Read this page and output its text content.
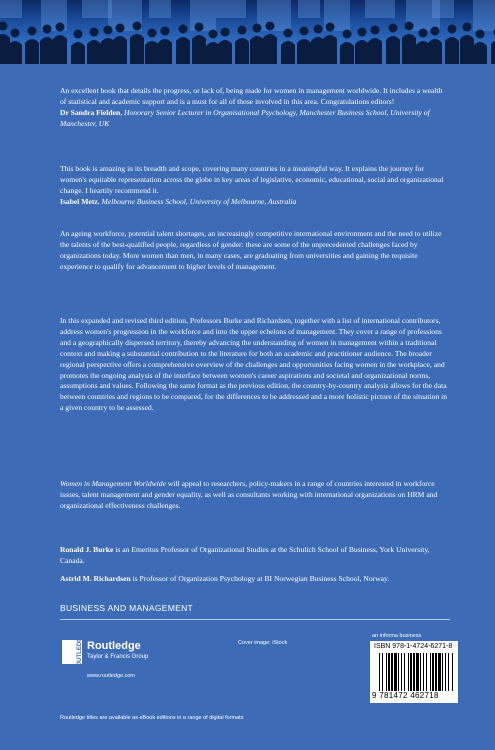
An excellent book that details the progress, or lack of, being made for women in management worldwide. It includes a wealth of statistical and academic support and is a must for all of those involved in this area. Congratulations editors!

Dr Sandra Fielden, Honorary Senior Lecturer in Organisational Psychology, Manchester Business School, University of Manchester, UK

This book is amazing in its breadth and scope, covering many countries in a meaningful way. It explains the journey for women's equitable representation across the globe in key areas of legislative, economic, educational, social and organizational change. I heartily recommend it.

Isabel Metz, Melbourne Business School, University of Melbourne, Australia

An ageing workforce, potential talent shortages, an increasingly competitive international environment and the need to utilize the talents of the best-qualified people, regardless of gender: these are some of the unprecedented challenges faced by organizations today. More women than men, in many cases, are graduating from universities and gaining the requisite experience to qualify for advancement to higher levels of management.

In this expanded and revised third edition, Professors Burke and Richardsen, together with a list of international contributors, address women's progression in the workforce and into the upper echelons of management. They cover a range of professions and a geographically dispersed territory, thereby advancing the understanding of women in management within a traditional context and making a substantial contribution to the literature for both an academic and practitioner audience. The broader regional perspective offers a comprehensive overview of the challenges and opportunities facing women in the workplace, and promotes the ongoing analysis of the interface between women's career aspirations and societal and organizational norms, assumptions and values. Following the same format as the previous edition, the country-by-country analysis allows for the data between countries and regions to be compared, for the differences to be addressed and a more holistic picture of the situation in a given country to be assessed.

Women in Management Worldwide will appeal to researchers, policy-makers in a range of countries interested in workforce issues, talent management and gender equality, as well as consultants working with international organizations on HRM and organizational effectiveness challenges.

Ronald J. Burke is an Emeritus Professor of Organizational Studies at the Schulich School of Business, York University, Canada.

Astrid M. Richardsen is Professor of Organization Psychology at BI Norwegian Business School, Norway.

BUSINESS AND MANAGEMENT
ROUTLEDGE Routledge
Taylor & Francis Group
www.routledge.com
Cover image: iStock
an informa business
ISBN 978-1-4724-6271-8
9 781472 462718
Routledge titles are available as eBook editions in a range of digital formats
